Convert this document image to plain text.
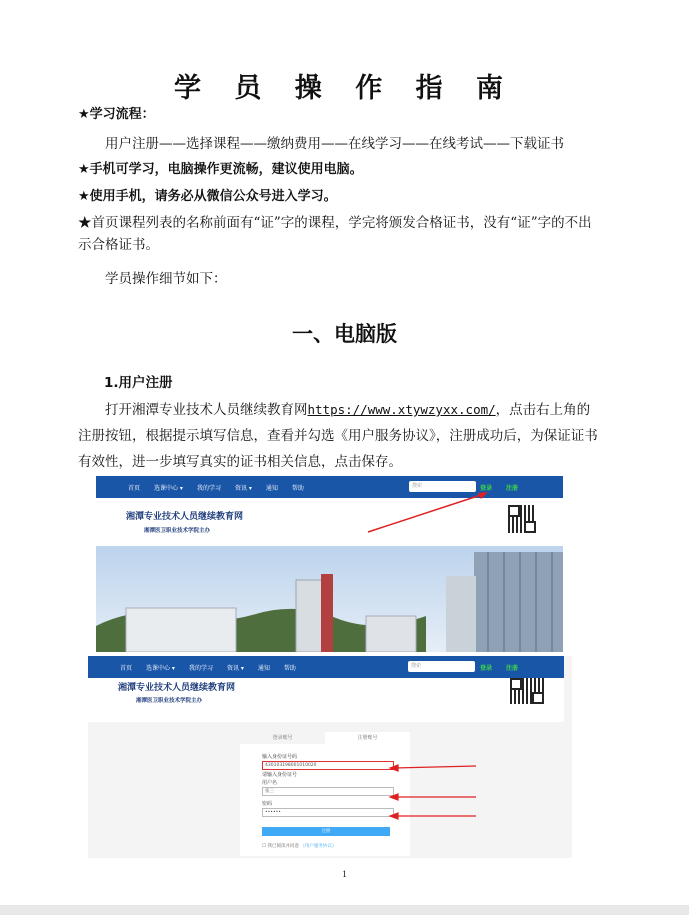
学 员 操 作 指 南
★学习流程：
用户注册——选择课程——缴纳费用——在线学习——在线考试——下载证书
★手机可学习，电脑操作更流畅，建议使用电脑。
★使用手机，请务必从微信公众号进入学习。
★首页课程列表的名称前面有“证”字的课程，学完将颁发合格证书，没有“证”字的不出示合格证书。
学员操作细节如下：
一、电脑版
1.用户注册
打开湘潭专业技术人员继续教育网https://www.xtywzyxx.com/，点击右上角的注册按钮，根据提示填写信息，查看并勾选《用户服务协议》，注册成功后，为保证证书有效性，进一步填写真实的证书相关信息，点击保存。
首页 选课中心 ▾ 我的学习 资讯 ▾ 通知 帮助	搜索	登录 注册
湘潭专业技术人员继续教育网
湘潭医卫职业技术学院主办
首页 选课中心 ▾ 我的学习 资讯 ▾ 通知 帮助	搜索	登录 注册
湘潭专业技术人员继续教育网
湘潭医卫职业技术学院主办
登录账号	注册账号
输入身份证号码
430103198001010020
请输入身份证号
用户名
张三
密码
••••••
注册
☐ 我已阅读并同意 《用户服务协议》
1
